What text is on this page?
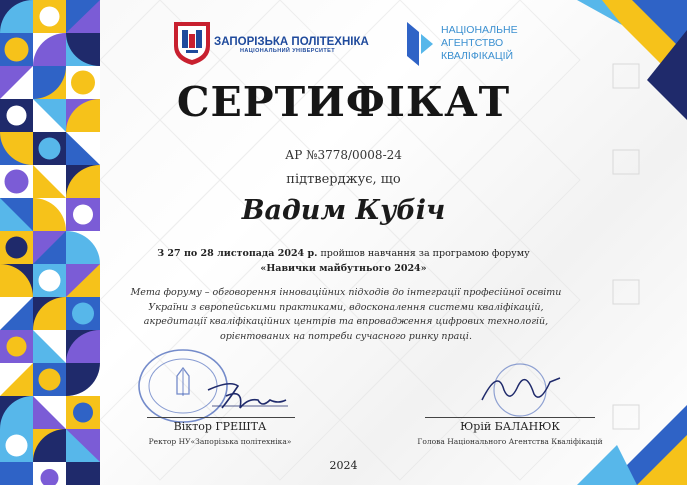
ЗАПОРІЗЬКА ПОЛІТЕХНІКА
НАЦІОНАЛЬНИЙ УНІВЕРСИТЕТ
НАЦІОНАЛЬНЕ
АГЕНТСТВО
КВАЛІФІКАЦІЙ
СЕРТИФІКАТ
АР №3778/0008-24
підтверджує, що
Вадим Кубіч
З 27 по 28 листопада 2024 р. пройшов навчання за програмою форуму
«Навички майбутнього 2024»
Мета форуму – обговорення інноваційних підходів до інтеграції професійної освіти
України з європейськими практиками, вдосконалення системи кваліфікацій,
акредитації кваліфікаційних центрів та впровадження цифрових технологій,
орієнтованих на потреби сучасного ринку праці.
Віктор ГРЕШТА
Ректор НУ«Запорізька політехніка»
Юрій БАЛАНЮК
Голова Національного Агентства Кваліфікацій
2024
